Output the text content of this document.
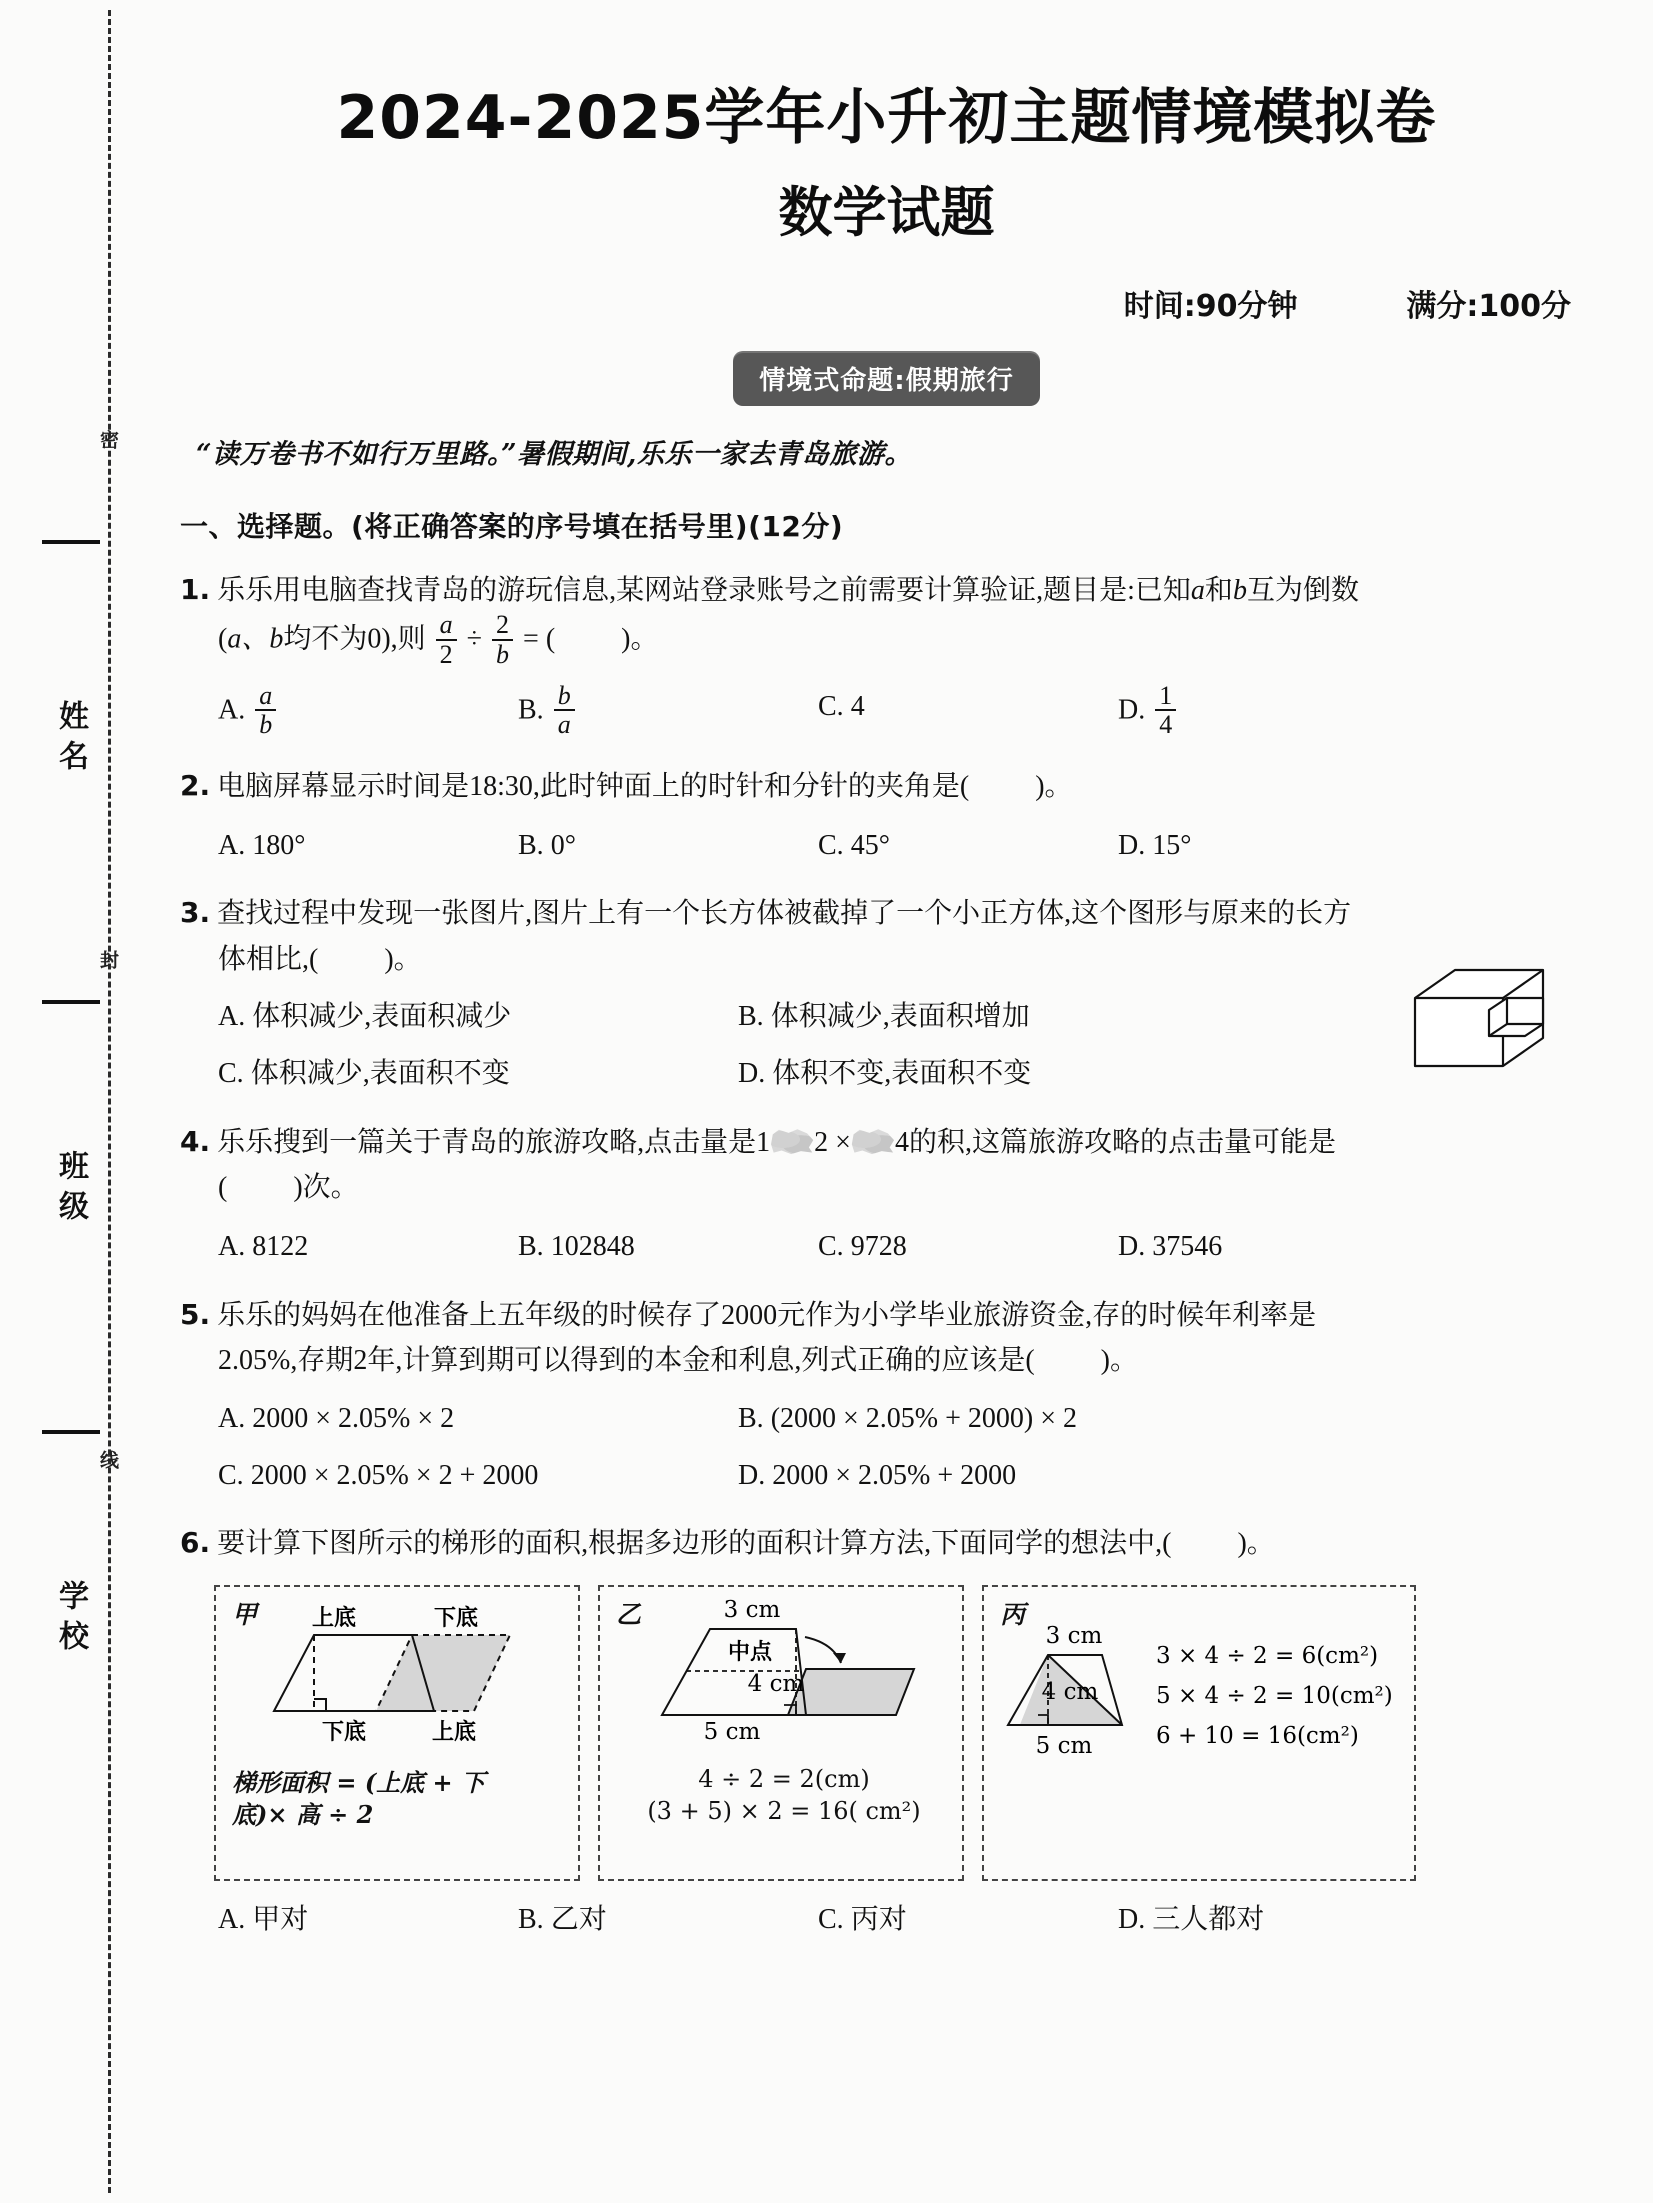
密
封
线
姓名
班级
学校
2024-2025学年小升初主题情境模拟卷
数学试题
时间:90分钟	满分:100分
情境式命题:假期旅行
“读万卷书不如行万里路。”暑假期间,乐乐一家去青岛旅游。
一、选择题。(将正确答案的序号填在括号里)(12分)
1. 乐乐用电脑查找青岛的游玩信息,某网站登录账号之前需要计算验证,题目是:已知a和b互为倒数
(a、b均不为0),则 $\frac{a}{2} \div \frac{2}{b}$ = ( )。
A. $\frac{a}{b}$	B. $\frac{b}{a}$	C. 4	D. $\frac{1}{4}$
2. 电脑屏幕显示时间是18:30,此时钟面上的时针和分针的夹角是( )。
A. 180°	B. 0°	C. 45°	D. 15°
3. 查找过程中发现一张图片,图片上有一个长方体被截掉了一个小正方体,这个图形与原来的长方
体相比,( )。
A. 体积减少,表面积减少	B. 体积减少,表面积增加
C. 体积减少,表面积不变	D. 体积不变,表面积不变
4. 乐乐搜到一篇关于青岛的旅游攻略,点击量是1 2 × 4的积,这篇旅游攻略的点击量可能是
( )次。
A. 8122	B. 102848	C. 9728	D. 37546
5. 乐乐的妈妈在他准备上五年级的时候存了2000元作为小学毕业旅游资金,存的时候年利率是
2.05%,存期2年,计算到期可以得到的本金和利息,列式正确的应该是( )。
A. 2000 × 2.05% × 2	B. (2000 × 2.05% + 2000) × 2
C. 2000 × 2.05% × 2 + 2000	D. 2000 × 2.05% + 2000
6. 要计算下图所示的梯形的面积,根据多边形的面积计算方法,下面同学的想法中,( )。
甲 上底	下底
下底	上底
梯形面积 = (上底 + 下
底)× 高 ÷ 2
乙	3 cm
中点
4 cm
5 cm
4 ÷ 2 = 2(cm)
(3 + 5) × 2 = 16( cm²)
丙
3 cm
4 cm
5 cm
3 × 4 ÷ 2 = 6(cm²)
5 × 4 ÷ 2 = 10(cm²)
6 + 10 = 16(cm²)
A. 甲对	B. 乙对	C. 丙对	D. 三人都对
